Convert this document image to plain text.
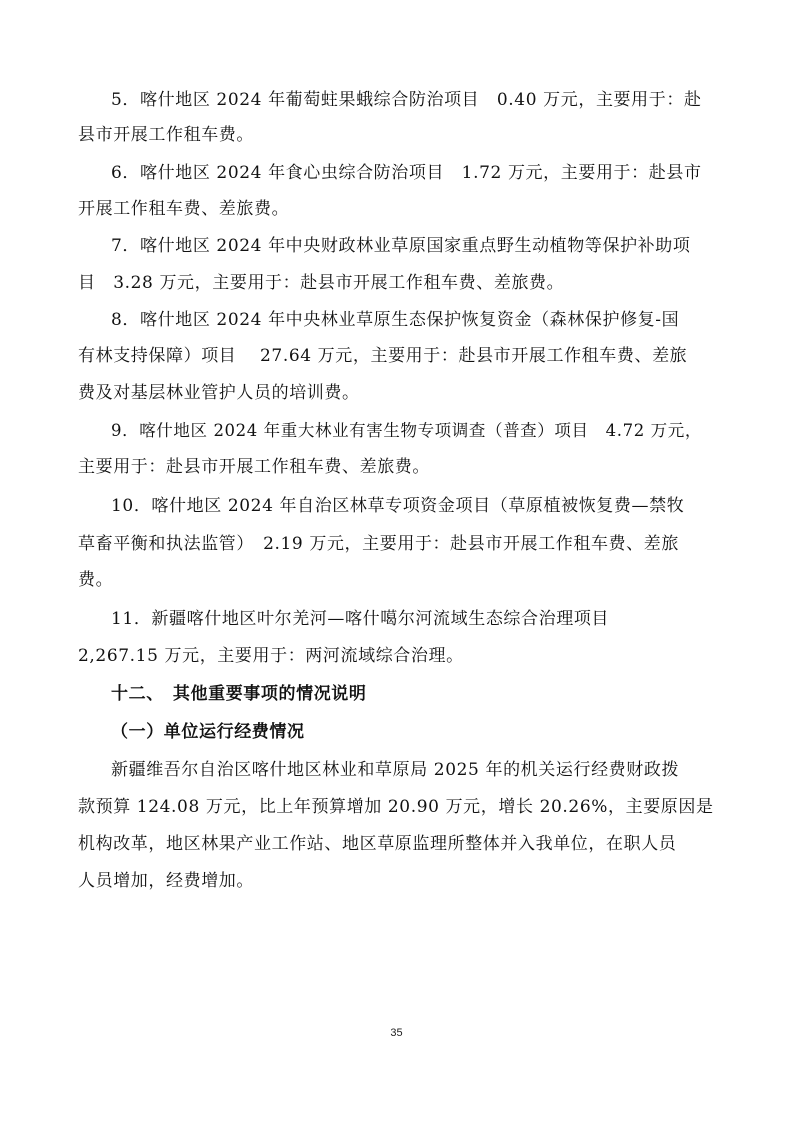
5．喀什地区 2024 年葡萄蛀果蛾综合防治项目　0.40 万元，主要用于：赴
县市开展工作租车费。
6．喀什地区 2024 年食心虫综合防治项目　1.72 万元，主要用于：赴县市
开展工作租车费、差旅费。
7．喀什地区 2024 年中央财政林业草原国家重点野生动植物等保护补助项
目　3.28 万元，主要用于：赴县市开展工作租车费、差旅费。
8．喀什地区 2024 年中央林业草原生态保护恢复资金（森林保护修复-国
有林支持保障）项目　 27.64 万元，主要用于：赴县市开展工作租车费、差旅
费及对基层林业管护人员的培训费。
9．喀什地区 2024 年重大林业有害生物专项调查（普查）项目　4.72 万元，
主要用于：赴县市开展工作租车费、差旅费。
10．喀什地区 2024 年自治区林草专项资金项目（草原植被恢复费—禁牧
草畜平衡和执法监管）　2.19 万元，主要用于：赴县市开展工作租车费、差旅
费。
11．新疆喀什地区叶尔羌河—喀什噶尔河流域生态综合治理项目
2,267.15 万元，主要用于：两河流域综合治理。
十二、　其他重要事项的情况说明
（一）单位运行经费情况
新疆维吾尔自治区喀什地区林业和草原局 2025 年的机关运行经费财政拨
款预算 124.08 万元，比上年预算增加 20.90 万元，增长 20.26%，主要原因是
机构改革，地区林果产业工作站、地区草原监理所整体并入我单位，在职人员
人员增加，经费增加。
35
